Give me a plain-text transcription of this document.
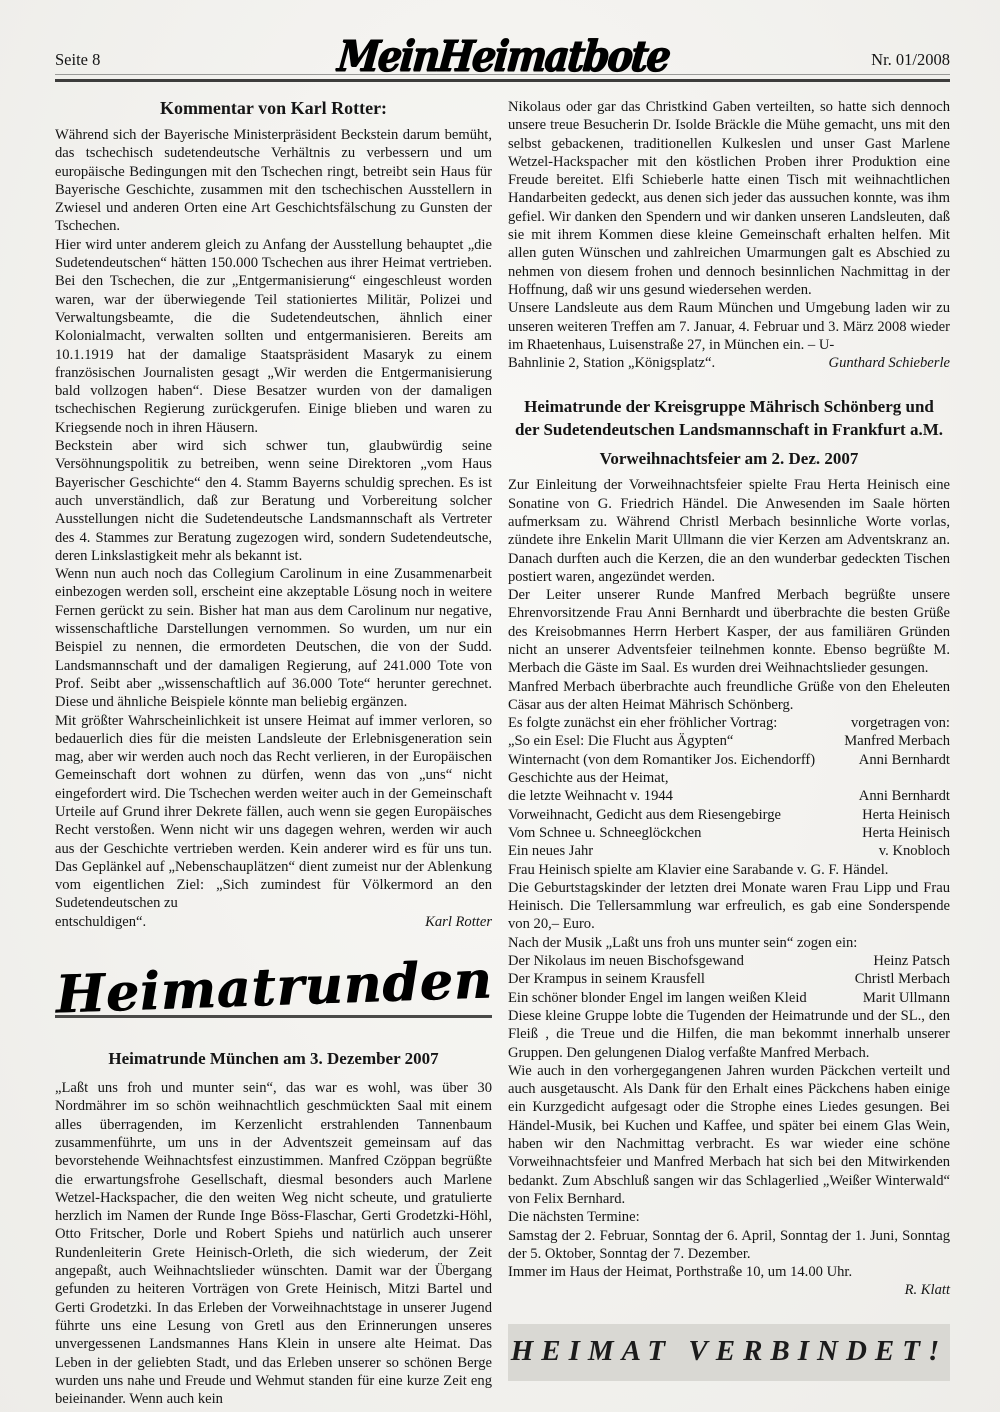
Seite 8	MeinHeimatbote	Nr. 01/2008
Kommentar von Karl Rotter:

Während sich der Bayerische Ministerpräsident Beckstein darum bemüht, das tschechisch sudetendeutsche Verhältnis zu verbessern und um europäische Bedingungen mit den Tschechen ringt, betreibt sein Haus für Bayerische Geschichte, zusammen mit den tschechischen Ausstellern in Zwiesel und anderen Orten eine Art Geschichtsfälschung zu Gunsten der Tschechen.

Hier wird unter anderem gleich zu Anfang der Ausstellung behauptet „die Sudetendeutschen“ hätten 150.000 Tschechen aus ihrer Heimat vertrieben. Bei den Tschechen, die zur „Entgermanisierung“ eingeschleust worden waren, war der überwiegende Teil stationiertes Militär, Polizei und Verwaltungsbeamte, die die Sudetendeutschen, ähnlich einer Kolonialmacht, verwalten sollten und entgermanisieren. Bereits am 10.1.1919 hat der damalige Staatspräsident Masaryk zu einem französischen Journalisten gesagt „Wir werden die Entgermanisierung bald vollzogen haben“. Diese Besatzer wurden von der damaligen tschechischen Regierung zurückgerufen. Einige blieben und waren zu Kriegsende noch in ihren Häusern.

Beckstein aber wird sich schwer tun, glaubwürdig seine Versöhnungspolitik zu betreiben, wenn seine Direktoren „vom Haus Bayerischer Geschichte“ den 4. Stamm Bayerns schuldig sprechen. Es ist auch unverständlich, daß zur Beratung und Vorbereitung solcher Ausstellungen nicht die Sudetendeutsche Landsmannschaft als Vertreter des 4. Stammes zur Beratung zugezogen wird, sondern Sudetendeutsche, deren Linkslastigkeit mehr als bekannt ist.

Wenn nun auch noch das Collegium Carolinum in eine Zusammenarbeit einbezogen werden soll, erscheint eine akzeptable Lösung noch in weitere Fernen gerückt zu sein. Bisher hat man aus dem Carolinum nur negative, wissenschaftliche Darstellungen vernommen. So wurden, um nur ein Beispiel zu nennen, die ermordeten Deutschen, die von der Sudd. Landsmannschaft und der damaligen Regierung, auf 241.000 Tote von Prof. Seibt aber „wissenschaftlich auf 36.000 Tote“ herunter gerechnet. Diese und ähnliche Beispiele könnte man beliebig ergänzen.

Mit größter Wahrscheinlichkeit ist unsere Heimat auf immer verloren, so bedauerlich dies für die meisten Landsleute der Erlebnisgeneration sein mag, aber wir werden auch noch das Recht verlieren, in der Europäischen Gemeinschaft dort wohnen zu dürfen, wenn das von „uns“ nicht eingefordert wird. Die Tschechen werden weiter auch in der Gemeinschaft Urteile auf Grund ihrer Dekrete fällen, auch wenn sie gegen Europäisches Recht verstoßen. Wenn nicht wir uns dagegen wehren, werden wir auch aus der Geschichte vertrieben werden. Kein anderer wird es für uns tun. Das Geplänkel auf „Nebenschauplätzen“ dient zumeist nur der Ablenkung vom eigentlichen Ziel: „Sich zumindest für Völkermord an den Sudetendeutschen zu

entschuldigen“.	Karl Rotter
Heimatrunden
Heimatrunde München am 3. Dezember 2007

„Laßt uns froh und munter sein“, das war es wohl, was über 30 Nordmährer im so schön weihnachtlich geschmückten Saal mit einem alles überragenden, im Kerzenlicht erstrahlenden Tannenbaum zusammenführte, um uns in der Adventszeit gemeinsam auf das bevorstehende Weihnachtsfest einzustimmen. Manfred Czöppan begrüßte die erwartungsfrohe Gesellschaft, diesmal besonders auch Marlene Wetzel-Hackspacher, die den weiten Weg nicht scheute, und gratulierte herzlich im Namen der Runde Inge Böss-Flaschar, Gerti Grodetzki-Höhl, Otto Fritscher, Dorle und Robert Spiehs und natürlich auch unserer Rundenleiterin Grete Heinisch-Orleth, die sich wiederum, der Zeit angepaßt, auch Weihnachtslieder wünschten. Damit war der Übergang gefunden zu heiteren Vorträgen von Grete Heinisch, Mitzi Bartel und Gerti Grodetzki. In das Erleben der Vorweihnachtstage in unserer Jugend führte uns eine Lesung von Gretl aus den Erinnerungen unseres unvergessenen Landsmannes Hans Klein in unsere alte Heimat. Das Leben in der geliebten Stadt, und das Erleben unserer so schönen Berge wurden uns nahe und Freude und Wehmut standen für eine kurze Zeit eng beieinander. Wenn auch kein

Nikolaus oder gar das Christkind Gaben verteilten, so hatte sich dennoch unsere treue Besucherin Dr. Isolde Bräckle die Mühe gemacht, uns mit den selbst gebackenen, traditionellen Kulkeslen und unser Gast Marlene Wetzel-Hackspacher mit den köstlichen Proben ihrer Produktion eine Freude bereitet. Elfi Schieberle hatte einen Tisch mit weihnachtlichen Handarbeiten gedeckt, aus denen sich jeder das aussuchen konnte, was ihm gefiel. Wir danken den Spendern und wir danken unseren Landsleuten, daß sie mit ihrem Kommen diese kleine Gemeinschaft erhalten helfen. Mit allen guten Wünschen und zahlreichen Umarmungen galt es Abschied zu nehmen von diesem frohen und dennoch besinnlichen Nachmittag in der Hoffnung, daß wir uns gesund wiedersehen werden.

Unsere Landsleute aus dem Raum München und Umgebung laden wir zu unseren weiteren Treffen am 7. Januar, 4. Februar und 3. März 2008 wieder im Rhaetenhaus, Luisenstraße 27, in München ein. – U-

Bahnlinie 2, Station „Königsplatz“.	Gunthard Schieberle
Heimatrunde der Kreisgruppe Mährisch Schönberg und
der Sudetendeutschen Landsmannschaft in Frankfurt a.M.
Vorweihnachtsfeier am 2. Dez. 2007

Zur Einleitung der Vorweihnachtsfeier spielte Frau Herta Heinisch eine Sonatine von G. Friedrich Händel. Die Anwesenden im Saale hörten aufmerksam zu. Während Christl Merbach besinnliche Worte vorlas, zündete ihre Enkelin Marit Ullmann die vier Kerzen am Adventskranz an. Danach durften auch die Kerzen, die an den wunderbar gedeckten Tischen postiert waren, angezündet werden.

Der Leiter unserer Runde Manfred Merbach begrüßte unsere Ehrenvorsitzende Frau Anni Bernhardt und überbrachte die besten Grüße des Kreisobmannes Herrn Herbert Kasper, der aus familiären Gründen nicht an unserer Adventsfeier teilnehmen konnte. Ebenso begrüßte M. Merbach die Gäste im Saal. Es wurden drei Weihnachtslieder gesungen.

Manfred Merbach überbrachte auch freundliche Grüße von den Eheleuten Cäsar aus der alten Heimat Mährisch Schönberg.

Es folgte zunächst ein eher fröhlicher Vortrag:	vorgetragen von:
„So ein Esel: Die Flucht aus Ägypten“	Manfred Merbach
Winternacht (von dem Romantiker Jos. Eichendorff)	Anni Bernhardt
Geschichte aus der Heimat,
die letzte Weihnacht v. 1944	Anni Bernhardt
Vorweihnacht, Gedicht aus dem Riesengebirge	Herta Heinisch
Vom Schnee u. Schneeglöckchen	Herta Heinisch
Ein neues Jahr	v. Knobloch

Frau Heinisch spielte am Klavier eine Sarabande v. G. F. Händel.

Die Geburtstagskinder der letzten drei Monate waren Frau Lipp und Frau Heinisch. Die Tellersammlung war erfreulich, es gab eine Sonderspende von 20,– Euro.

Nach der Musik „Laßt uns froh uns munter sein“ zogen ein:

Der Nikolaus im neuen Bischofsgewand	Heinz Patsch
Der Krampus in seinem Krausfell	Christl Merbach
Ein schöner blonder Engel im langen weißen Kleid	Marit Ullmann

Diese kleine Gruppe lobte die Tugenden der Heimatrunde und der SL., den Fleiß , die Treue und die Hilfen, die man bekommt innerhalb unserer Gruppen. Den gelungenen Dialog verfaßte Manfred Merbach.

Wie auch in den vorhergegangenen Jahren wurden Päckchen verteilt und auch ausgetauscht. Als Dank für den Erhalt eines Päckchens haben einige ein Kurzgedicht aufgesagt oder die Strophe eines Liedes gesungen. Bei Händel-Musik, bei Kuchen und Kaffee, und später bei einem Glas Wein, haben wir den Nachmittag verbracht. Es war wieder eine schöne Vorweihnachtsfeier und Manfred Merbach hat sich bei den Mitwirkenden bedankt. Zum Abschluß sangen wir das Schlagerlied „Weißer Winterwald“ von Felix Bernhard.

Die nächsten Termine:

Samstag der 2. Februar, Sonntag der 6. April, Sonntag der 1. Juni, Sonntag der 5. Oktober, Sonntag der 7. Dezember.

Immer im Haus der Heimat, Porthstraße 10, um 14.00 Uhr.

R. Klatt
HEIMAT VERBINDET!
